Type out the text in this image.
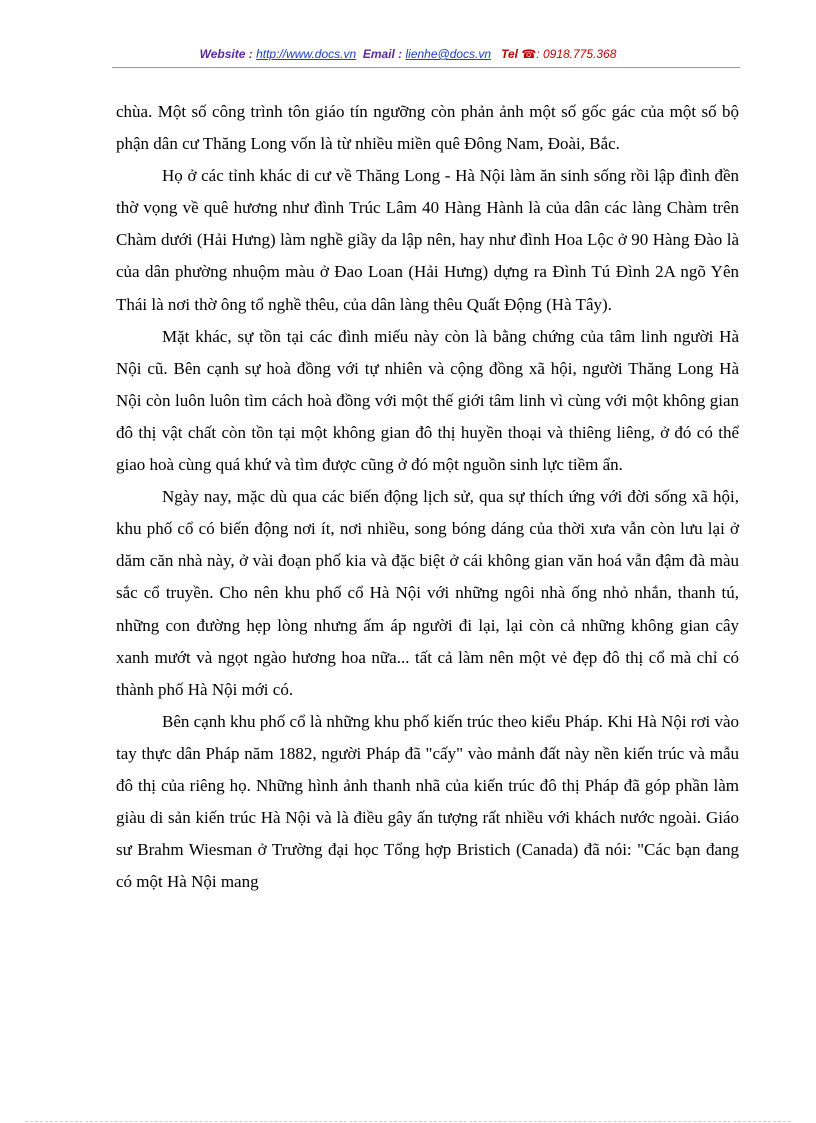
Website : http://www.docs.vn Email : lienhe@docs.vn Tel ☎: 0918.775.368

chùa. Một số công trình tôn giáo tín ngưỡng còn phản ảnh một số gốc gác của một số bộ phận dân cư Thăng Long vốn là từ nhiều miền quê Đông Nam, Đoài, Bắc.

Họ ở các tỉnh khác di cư về Thăng Long - Hà Nội làm ăn sinh sống rồi lập đình đền thờ vọng về quê hương như đình Trúc Lâm 40 Hàng Hành là của dân các làng Chàm trên Chàm dưới (Hải Hưng) làm nghề giầy da lập nên, hay như đình Hoa Lộc ở 90 Hàng Đào là của dân phường nhuộm màu ở Đao Loan (Hải Hưng) dựng ra Đình Tú Đình 2A ngõ Yên Thái là nơi thờ ông tổ nghề thêu, của dân làng thêu Quất Động (Hà Tây).

Mặt khác, sự tồn tại các đình miếu này còn là bằng chứng của tâm linh người Hà Nội cũ. Bên cạnh sự hoà đồng với tự nhiên và cộng đồng xã hội, người Thăng Long Hà Nội còn luôn luôn tìm cách hoà đồng với một thế giới tâm linh vì cùng với một không gian đô thị vật chất còn tồn tại một không gian đô thị huyền thoại và thiêng liêng, ở đó có thể giao hoà cùng quá khứ và tìm được cũng ở đó một nguồn sinh lực tiềm ẩn.

Ngày nay, mặc dù qua các biến động lịch sử, qua sự thích ứng với đời sống xã hội, khu phố cổ có biến động nơi ít, nơi nhiều, song bóng dáng của thời xưa vẫn còn lưu lại ở dăm căn nhà này, ở vài đoạn phố kia và đặc biệt ở cái không gian văn hoá vẫn đậm đà màu sắc cổ truyền. Cho nên khu phố cổ Hà Nội với những ngôi nhà ống nhỏ nhắn, thanh tú, những con đường hẹp lòng nhưng ấm áp người đi lại, lại còn cả những không gian cây xanh mướt và ngọt ngào hương hoa nữa... tất cả làm nên một vẻ đẹp đô thị cổ mà chỉ có thành phố Hà Nội mới có.

Bên cạnh khu phố cổ là những khu phố kiến trúc theo kiểu Pháp. Khi Hà Nội rơi vào tay thực dân Pháp năm 1882, người Pháp đã "cấy" vào mảnh đất này nền kiến trúc và mẫu đô thị của riêng họ. Những hình ảnh thanh nhã của kiến trúc đô thị Pháp đã góp phần làm giàu di sản kiến trúc Hà Nội và là điều gây ấn tượng rất nhiều với khách nước ngoài. Giáo sư Brahm Wiesman ở Trường đại học Tổng hợp Bristich (Canada) đã nói: "Các bạn đang có một Hà Nội mang
